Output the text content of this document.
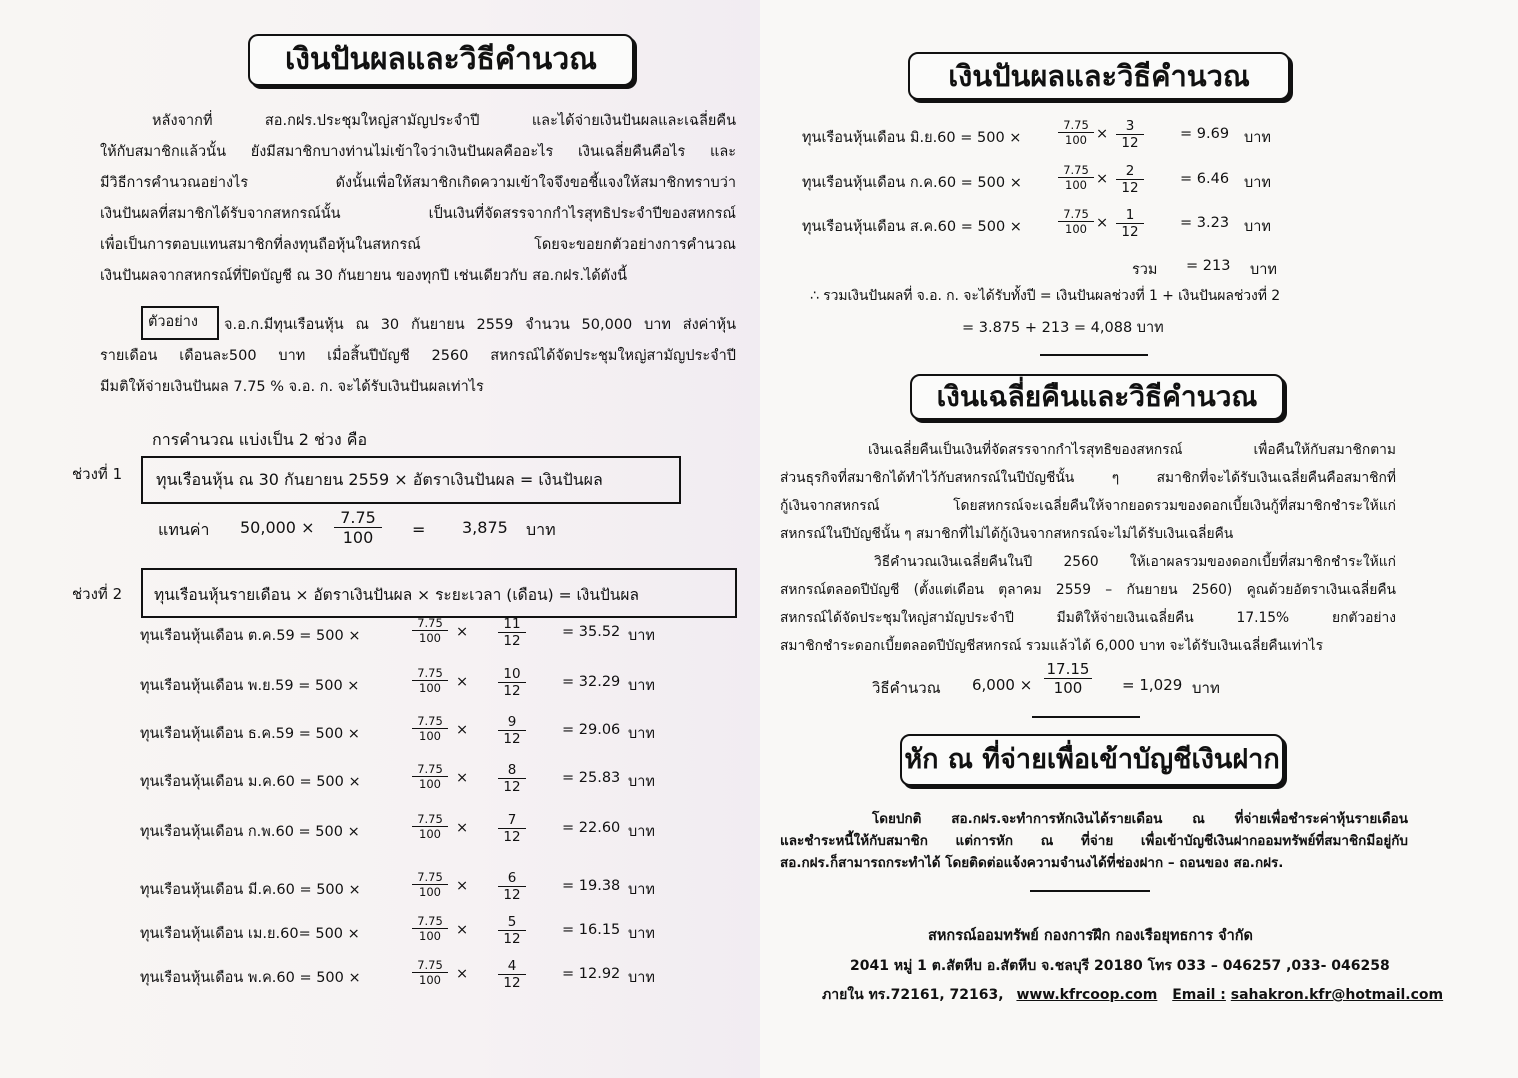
เงินปันผลและวิธีคำนวณ

หลังจากที่ สอ.กฝร.ประชุมใหญ่สามัญประจำปี และได้จ่ายเงินปันผลและเฉลี่ยคืน

ให้กับสมาชิกแล้วนั้น ยังมีสมาชิกบางท่านไม่เข้าใจว่าเงินปันผลคืออะไร เงินเฉลี่ยคืนคือไร และ

มีวิธีการคำนวณอย่างไร ดังนั้นเพื่อให้สมาชิกเกิดความเข้าใจจึงขอชี้แจงให้สมาชิกทราบว่า

เงินปันผลที่สมาชิกได้รับจากสหกรณ์นั้น เป็นเงินที่จัดสรรจากกำไรสุทธิประจำปีของสหกรณ์

เพื่อเป็นการตอบแทนสมาชิกที่ลงทุนถือหุ้นในสหกรณ์ โดยจะขอยกตัวอย่างการคำนวณ

เงินปันผลจากสหกรณ์ที่ปิดบัญชี ณ 30 กันยายน ของทุกปี เช่นเดียวกับ สอ.กฝร.ได้ดังนี้

ตัวอย่าง	จ.อ.ก.มีทุนเรือนหุ้น ณ 30 กันยายน 2559 จำนวน 50,000 บาท ส่งค่าหุ้น

รายเดือน เดือนละ500 บาท เมื่อสิ้นปีบัญชี 2560 สหกรณ์ได้จัดประชุมใหญ่สามัญประจำปี

มีมติให้จ่ายเงินปันผล 7.75 % จ.อ. ก. จะได้รับเงินปันผลเท่าไร

การคำนวณ แบ่งเป็น 2 ช่วง คือ
ช่วงที่ 1 ทุนเรือนหุ้น ณ 30 กันยายน 2559 × อัตราเงินปันผล = เงินปันผล
แทนค่า $50,000 \times \frac{7.75}{100} = 3,875$ บาท
ช่วงที่ 2 ทุนเรือนหุ้นรายเดือน × อัตราเงินปันผล × ระยะเวลา (เดือน) = เงินปันผล
ทุนเรือนหุ้นเดือน ต.ค.59 = 500 ×	$\frac{7.75}{100} \times \frac{11}{12} = 35.52$ บาท
ทุนเรือนหุ้นเดือน พ.ย.59 = 500 ×	$\frac{7.75}{100} \times \frac{10}{12} = 32.29$ บาท
ทุนเรือนหุ้นเดือน ธ.ค.59 = 500 ×	$\frac{7.75}{100} \times \frac{9}{12} = 29.06$ บาท
ทุนเรือนหุ้นเดือน ม.ค.60 = 500 ×	$\frac{7.75}{100} \times \frac{8}{12} = 25.83$ บาท
ทุนเรือนหุ้นเดือน ก.พ.60 = 500 ×	$\frac{7.75}{100} \times \frac{7}{12} = 22.60$ บาท
ทุนเรือนหุ้นเดือน มี.ค.60 = 500 ×	$\frac{7.75}{100} \times \frac{6}{12} = 19.38$ บาท
ทุนเรือนหุ้นเดือน เม.ย.60= 500 ×	$\frac{7.75}{100} \times \frac{5}{12} = 16.15$ บาท
ทุนเรือนหุ้นเดือน พ.ค.60 = 500 ×	$\frac{7.75}{100} \times \frac{4}{12} = 12.92$ บาท
เงินปันผลและวิธีคำนวณ
ทุนเรือนหุ้นเดือน มิ.ย.60 = 500 ×	$\frac{7.75}{100} \times \frac{3}{12} = 9.69$ บาท
ทุนเรือนหุ้นเดือน ก.ค.60 = 500 ×	$\frac{7.75}{100} \times \frac{2}{12} = 6.46$ บาท
ทุนเรือนหุ้นเดือน ส.ค.60 = 500 ×	$\frac{7.75}{100} \times \frac{1}{12} = 3.23$ บาท
รวม = 213 บาท
∴ รวมเงินปันผลที่ จ.อ. ก. จะได้รับทั้งปี = เงินปันผลช่วงที่ 1 + เงินปันผลช่วงที่ 2
= 3.875 + 213 = 4,088 บาท
เงินเฉลี่ยคืนและวิธีคำนวณ

เงินเฉลี่ยคืนเป็นเงินที่จัดสรรจากกำไรสุทธิของสหกรณ์ เพื่อคืนให้กับสมาชิกตาม

ส่วนธุรกิจที่สมาชิกได้ทำไว้กับสหกรณ์ในปีบัญชีนั้น ๆ สมาชิกที่จะได้รับเงินเฉลี่ยคืนคือสมาชิกที่

กู้เงินจากสหกรณ์ โดยสหกรณ์จะเฉลี่ยคืนให้จากยอดรวมของดอกเบี้ยเงินกู้ที่สมาชิกชำระให้แก่

สหกรณ์ในปีบัญชีนั้น ๆ สมาชิกที่ไม่ได้กู้เงินจากสหกรณ์จะไม่ได้รับเงินเฉลี่ยคืน

วิธีคำนวณเงินเฉลี่ยคืนในปี 2560 ให้เอาผลรวมของดอกเบี้ยที่สมาชิกชำระให้แก่

สหกรณ์ตลอดปีบัญชี (ตั้งแต่เดือน ตุลาคม 2559 – กันยายน 2560) คูณด้วยอัตราเงินเฉลี่ยคืน

สหกรณ์ได้จัดประชุมใหญ่สามัญประจำปี มีมติให้จ่ายเงินเฉลี่ยคืน 17.15% ยกตัวอย่าง

สมาชิกชำระดอกเบี้ยตลอดปีบัญชีสหกรณ์ รวมแล้วได้ 6,000 บาท จะได้รับเงินเฉลี่ยคืนเท่าไร

วิธีคำนวณ $6,000 \times \frac{17.15}{100} = 1,029$ บาท
หัก ณ ที่จ่ายเพื่อเข้าบัญชีเงินฝาก

โดยปกติ สอ.กฝร.จะทำการหักเงินได้รายเดือน ณ ที่จ่ายเพื่อชำระค่าหุ้นรายเดือน

และชำระหนี้ให้กับสมาชิก แต่การหัก ณ ที่จ่าย เพื่อเข้าบัญชีเงินฝากออมทรัพย์ที่สมาชิกมีอยู่กับ

สอ.กฝร.ก็สามารถกระทำได้ โดยติดต่อแจ้งความจำนงได้ที่ช่องฝาก – ถอนของ สอ.กฝร.

สหกรณ์ออมทรัพย์ กองการฝึก กองเรือยุทธการ จำกัด
2041 หมู่ 1 ต.สัตหีบ อ.สัตหีบ จ.ชลบุรี 20180 โทร 033 – 046257 ,033- 046258
ภายใน ทร.72161, 72163, www.kfrcoop.com Email : sahakron.kfr@hotmail.com
